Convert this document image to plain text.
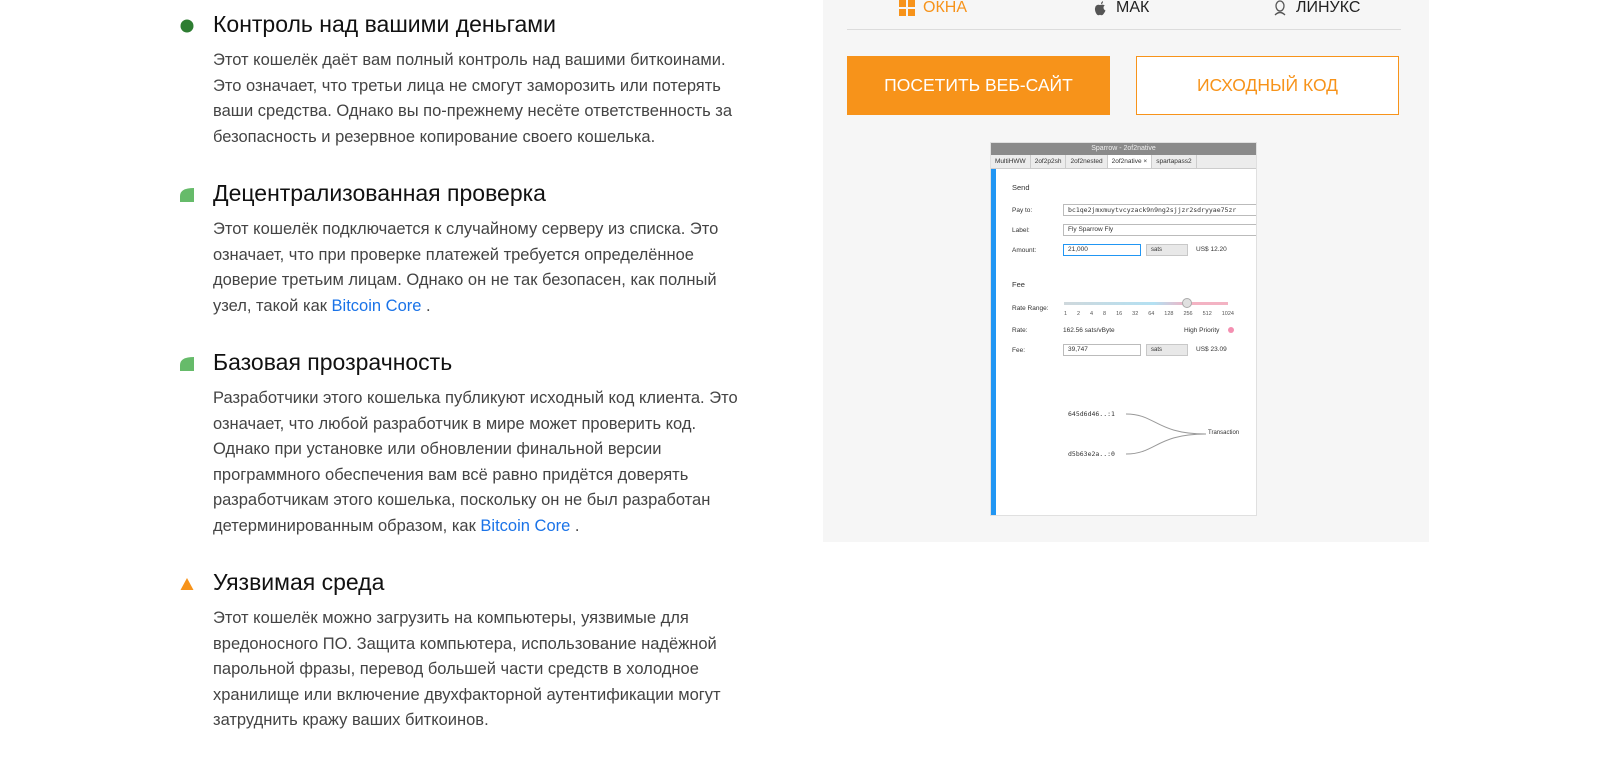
Контроль над вашими деньгами

Этот кошелёк даёт вам полный контроль над вашими биткоинами. Это означает, что третьи лица не смогут заморозить или потерять ваши средства. Однако вы по-прежнему несёте ответственность за безопасность и резервное копирование своего кошелька.

Децентрализованная проверка

Этот кошелёк подключается к случайному серверу из списка. Это означает, что при проверке платежей требуется определённое доверие третьим лицам. Однако он не так безопасен, как полный узел, такой как Bitcoin Core .

Базовая прозрачность

Разработчики этого кошелька публикуют исходный код клиента. Это означает, что любой разработчик в мире может проверить код. Однако при установке или обновлении финальной версии программного обеспечения вам всё равно придётся доверять разработчикам этого кошелька, поскольку он не был разработан детерминированным образом, как Bitcoin Core .

Уязвимая среда

Этот кошелёк можно загрузить на компьютеры, уязвимые для вредоносного ПО. Защита компьютера, использование надёжной парольной фразы, перевод большей части средств в холодное хранилище или включение двухфакторной аутентификации могут затруднить кражу ваших биткоинов.

ОКНА	МАК	ЛИНУКС
ПОСЕТИТЬ ВЕБ-САЙТ	ИСХОДНЫЙ КОД
Sparrow - 2of2native
MultiHWW	2of2p2sh	2of2nested	2of2native ×	spartapass2
Send
Pay to:	bc1qe2jmxmuytvcyzack9n9ng2sjjzr2sdryyae75zr
Label:	Fly Sparrow Fly
Amount:	21,000	sats	US$ 12.20
Fee
Rate Range:
1 2 4 8 16 32 64 128 256 512 1024
Rate:	162.56 sats/vByte	High Priority
Fee:	39,747	sats	US$ 23.09
645d6d46..:1
d5b63e2a..:0
Transaction
